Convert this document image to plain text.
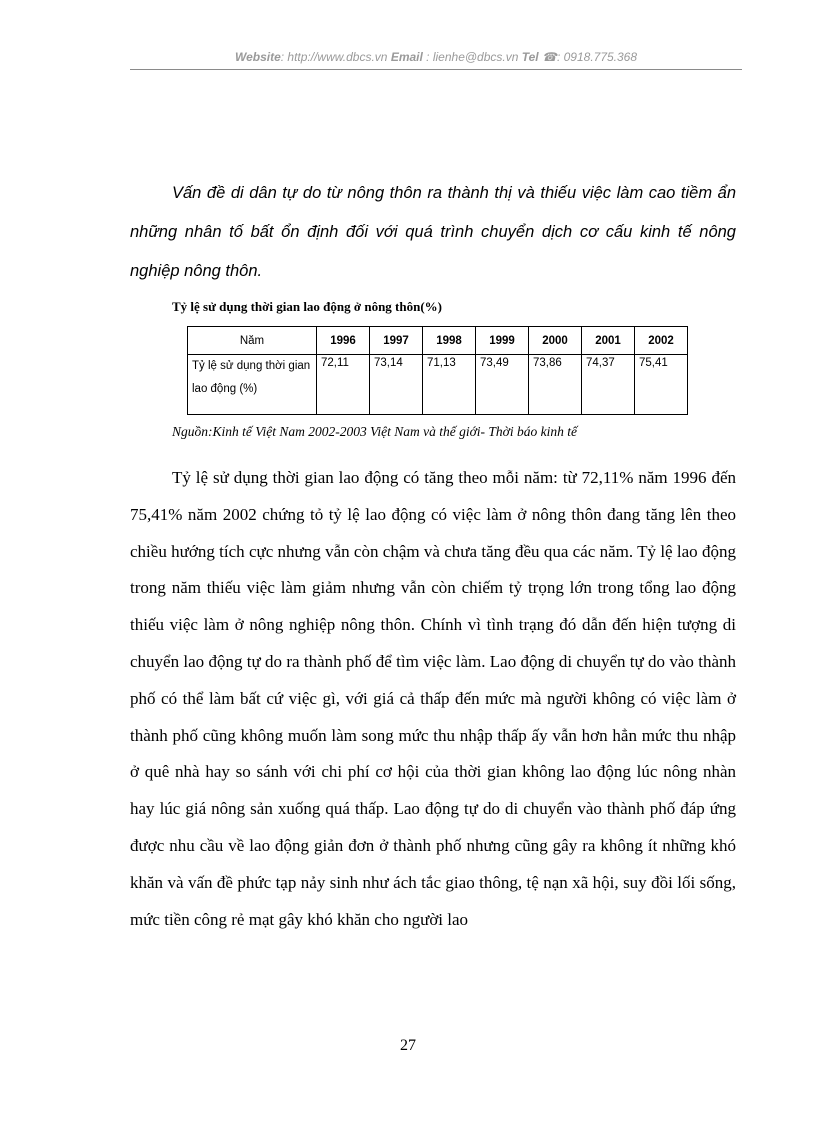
Website: http://www.dbcs.vn Email : lienhe@dbcs.vn Tel ☎: 0918.775.368

Vấn đề di dân tự do từ nông thôn ra thành thị và thiếu việc làm cao tiềm ẩn những nhân tố bất ổn định đối với quá trình chuyển dịch cơ cấu kinh tế nông nghiệp nông thôn.

Tỷ lệ sử dụng thời gian lao động ở nông thôn(%)

Năm	1996	1997	1998	1999	2000	2001	2002
Tỷ lệ sử dụng thời gian lao động (%)	72,11	73,14	71,13	73,49	73,86	74,37	75,41

Nguồn:Kinh tế Việt Nam 2002-2003 Việt Nam và thế giới- Thời báo kinh tế

Tỷ lệ sử dụng thời gian lao động có tăng theo mỗi năm: từ 72,11% năm 1996 đến 75,41% năm 2002 chứng tỏ tỷ lệ lao động có việc làm ở nông thôn đang tăng lên theo chiều hướng tích cực nhưng vẫn còn chậm và chưa tăng đều qua các năm. Tỷ lệ lao động trong năm thiếu việc làm giảm nhưng vẫn còn chiếm tỷ trọng lớn trong tổng lao động thiếu việc làm ở nông nghiệp nông thôn. Chính vì tình trạng đó dẫn đến hiện tượng di chuyển lao động tự do ra thành phố để tìm việc làm. Lao động di chuyển tự do vào thành phố có thể làm bất cứ việc gì, với giá cả thấp đến mức mà người không có việc làm ở thành phố cũng không muốn làm song mức thu nhập thấp ấy vẫn hơn hẳn mức thu nhập ở quê nhà hay so sánh với chi phí cơ hội của thời gian không lao động lúc nông nhàn hay lúc giá nông sản xuống quá thấp. Lao động tự do di chuyển vào thành phố đáp ứng được nhu cầu về lao động giản đơn ở thành phố nhưng cũng gây ra không ít những khó khăn và vấn đề phức tạp nảy sinh như ách tắc giao thông, tệ nạn xã hội, suy đồi lối sống, mức tiền công rẻ mạt gây khó khăn cho người lao

27
